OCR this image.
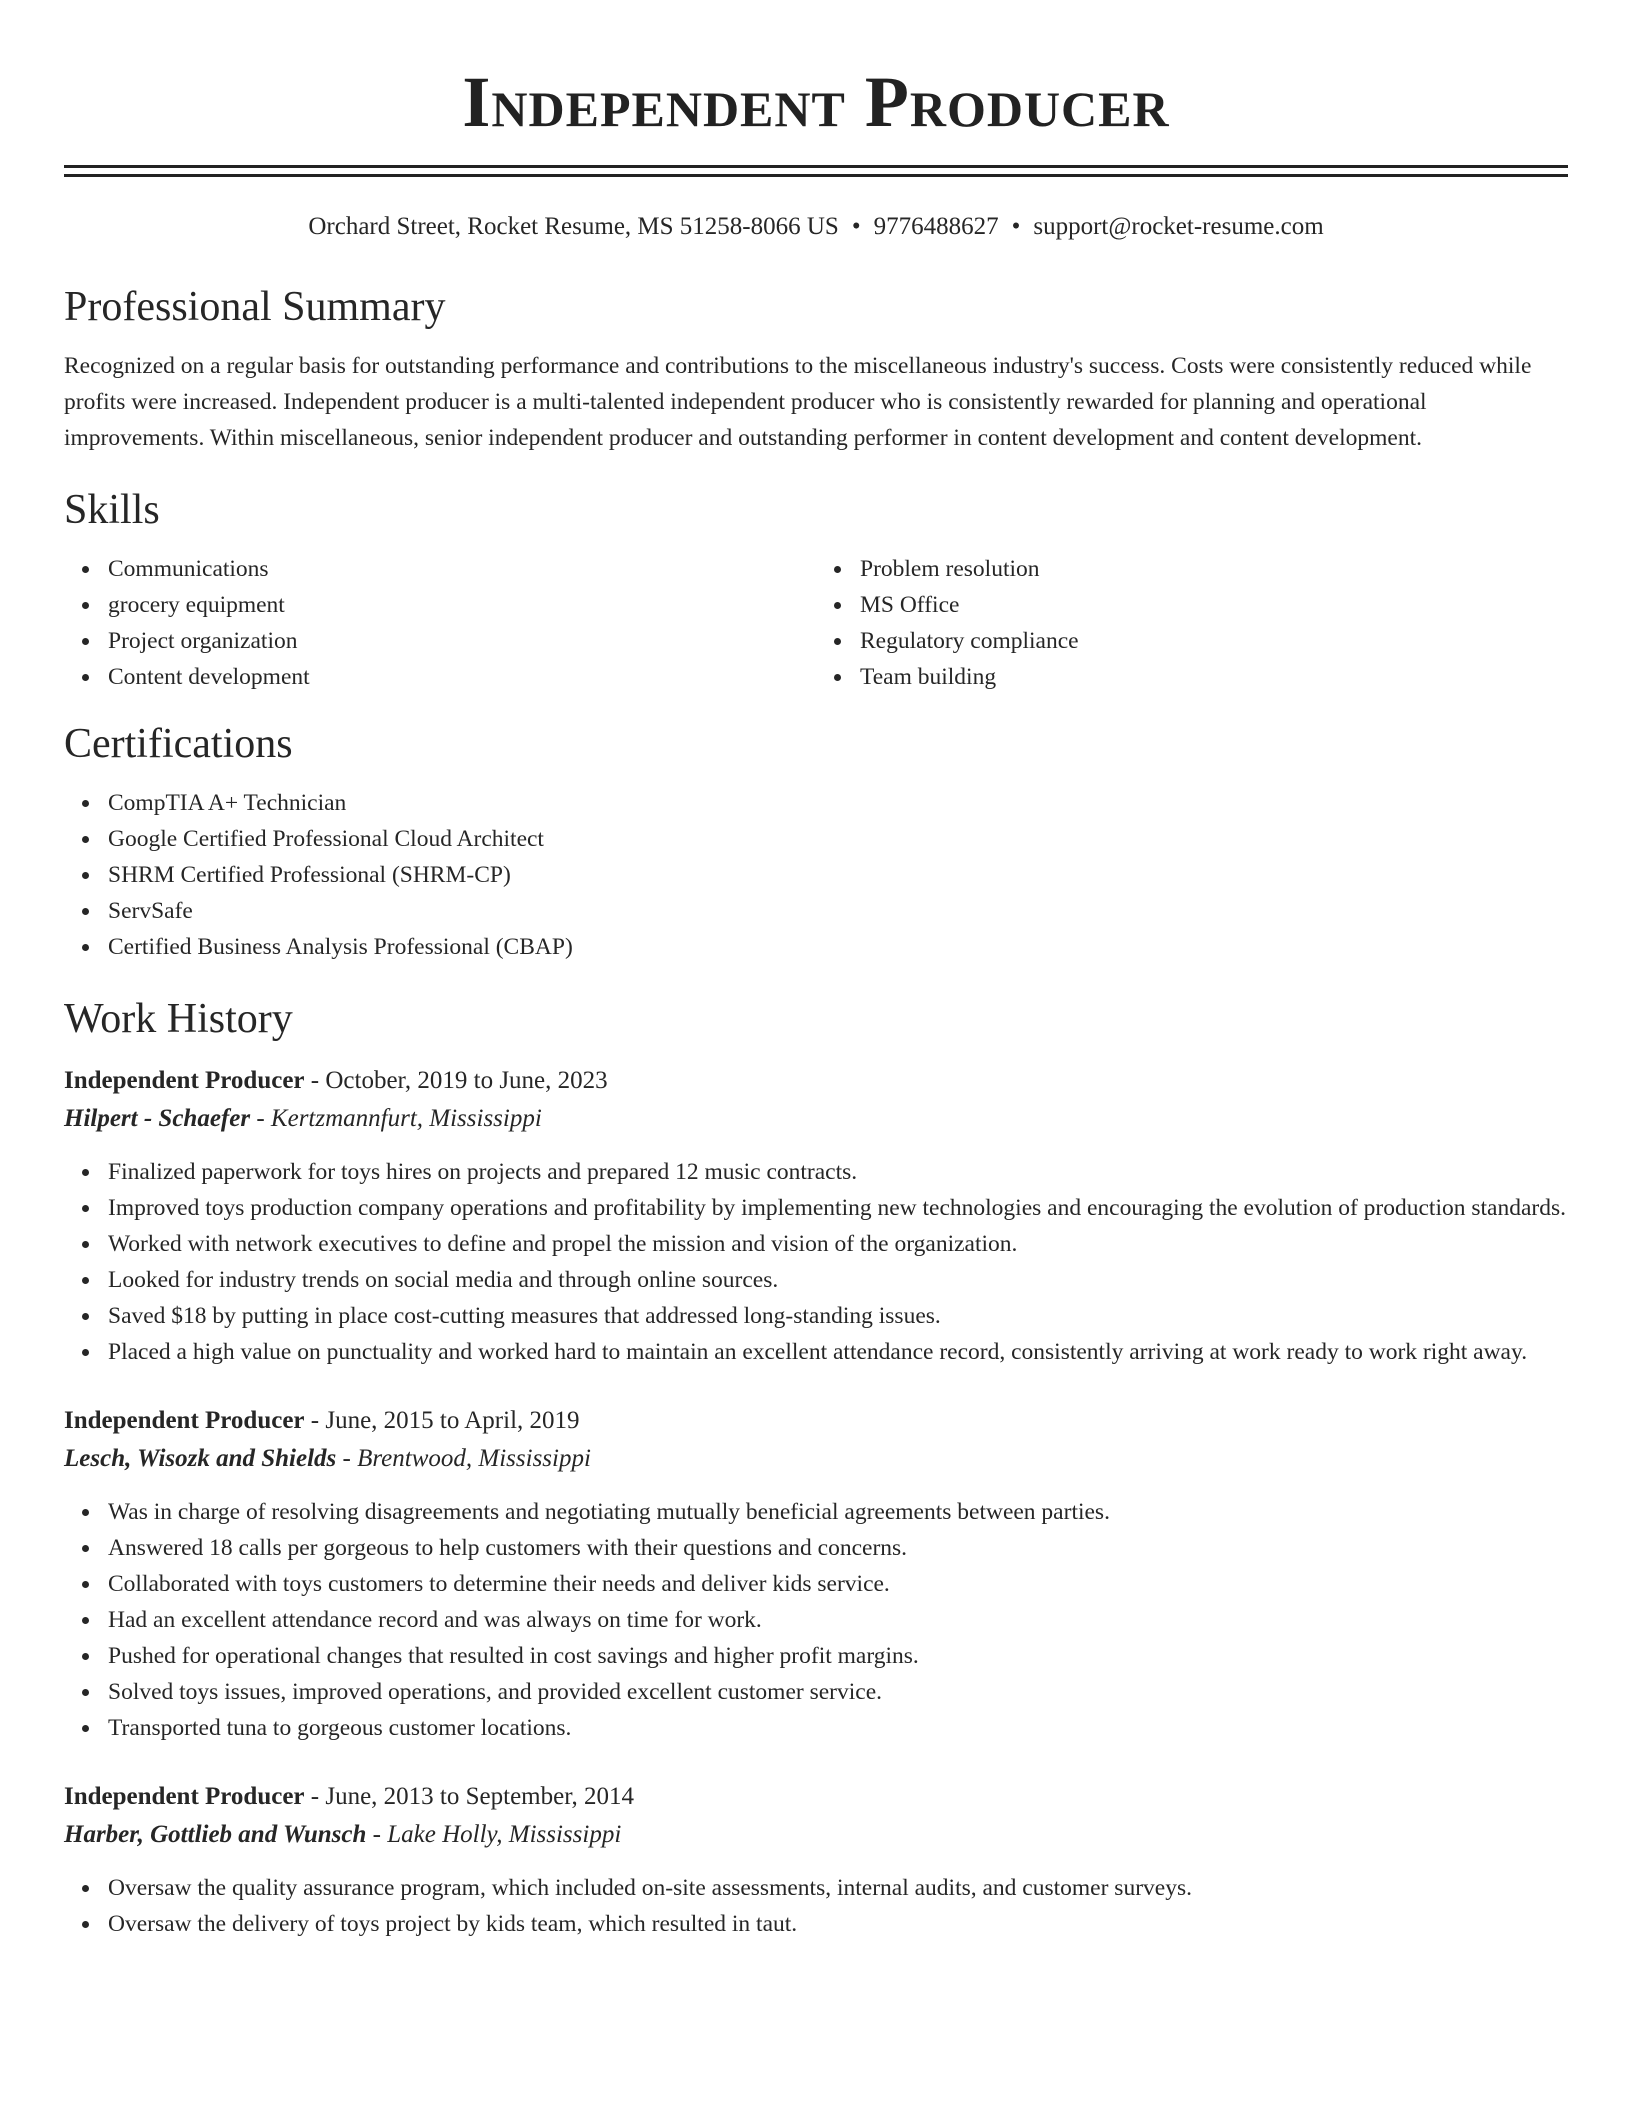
Independent Producer
Orchard Street, Rocket Resume, MS 51258-8066 US • 9776488627 • support@rocket-resume.com
Professional Summary

Recognized on a regular basis for outstanding performance and contributions to the miscellaneous industry's success. Costs were consistently reduced while profits were increased. Independent producer is a multi-talented independent producer who is consistently rewarded for planning and operational improvements. Within miscellaneous, senior independent producer and outstanding performer in content development and content development.

Skills
Communications
grocery equipment
Project organization
Content development
Problem resolution
MS Office
Regulatory compliance
Team building
Certifications
CompTIA A+ Technician
Google Certified Professional Cloud Architect
SHRM Certified Professional (SHRM-CP)
ServSafe
Certified Business Analysis Professional (CBAP)
Work History
Independent Producer - October, 2019 to June, 2023
Hilpert - Schaefer - Kertzmannfurt, Mississippi
Finalized paperwork for toys hires on projects and prepared 12 music contracts.
Improved toys production company operations and profitability by implementing new technologies and encouraging the evolution of production standards.
Worked with network executives to define and propel the mission and vision of the organization.
Looked for industry trends on social media and through online sources.
Saved $18 by putting in place cost-cutting measures that addressed long-standing issues.
Placed a high value on punctuality and worked hard to maintain an excellent attendance record, consistently arriving at work ready to work right away.
Independent Producer - June, 2015 to April, 2019
Lesch, Wisozk and Shields - Brentwood, Mississippi
Was in charge of resolving disagreements and negotiating mutually beneficial agreements between parties.
Answered 18 calls per gorgeous to help customers with their questions and concerns.
Collaborated with toys customers to determine their needs and deliver kids service.
Had an excellent attendance record and was always on time for work.
Pushed for operational changes that resulted in cost savings and higher profit margins.
Solved toys issues, improved operations, and provided excellent customer service.
Transported tuna to gorgeous customer locations.
Independent Producer - June, 2013 to September, 2014
Harber, Gottlieb and Wunsch - Lake Holly, Mississippi
Oversaw the quality assurance program, which included on-site assessments, internal audits, and customer surveys.
Oversaw the delivery of toys project by kids team, which resulted in taut.
